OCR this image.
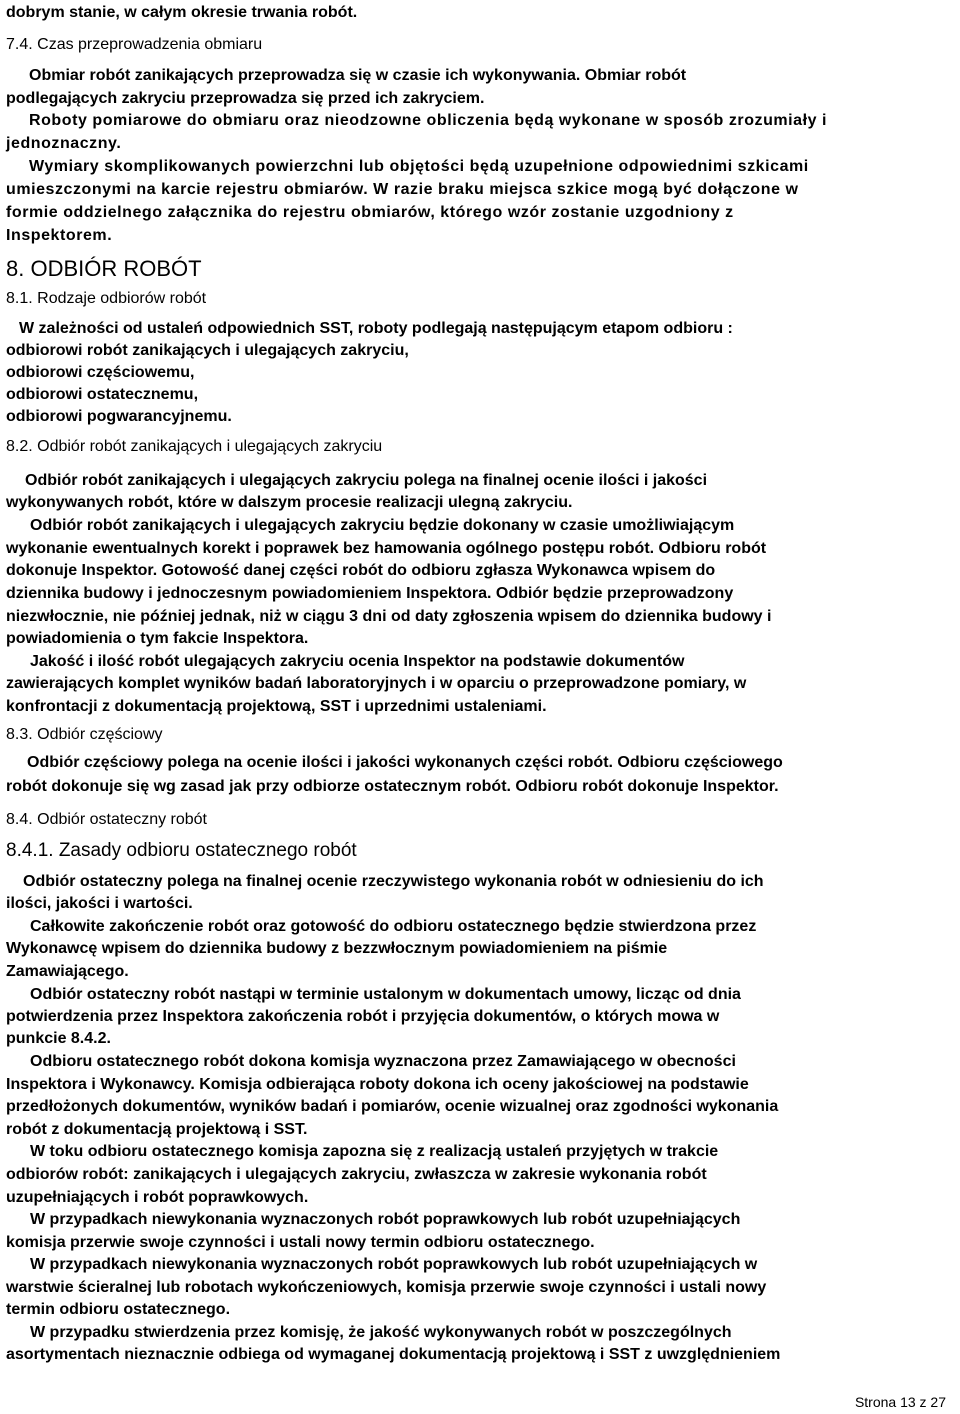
dobrym stanie, w całym okresie trwania robót.
7.4. Czas przeprowadzenia obmiaru
Obmiar robót zanikających przeprowadza się w czasie ich wykonywania. Obmiar robót
podlegających zakryciu przeprowadza się przed ich zakryciem.
Roboty pomiarowe do obmiaru oraz nieodzowne obliczenia będą wykonane w sposób zrozumiały i
jednoznaczny.
Wymiary skomplikowanych powierzchni lub objętości będą uzupełnione odpowiednimi szkicami
umieszczonymi na karcie rejestru obmiarów. W razie braku miejsca szkice mogą być dołączone w
formie oddzielnego załącznika do rejestru obmiarów, którego wzór zostanie uzgodniony z
Inspektorem.
8. ODBIÓR ROBÓT
8.1. Rodzaje odbiorów robót
W zależności od ustaleń odpowiednich SST, roboty podlegają następującym etapom odbioru :
odbiorowi robót zanikających i ulegających zakryciu,
odbiorowi częściowemu,
odbiorowi ostatecznemu,
odbiorowi pogwarancyjnemu.
8.2. Odbiór robót zanikających i ulegających zakryciu
Odbiór robót zanikających i ulegających zakryciu polega na finalnej ocenie ilości i jakości
wykonywanych robót, które w dalszym procesie realizacji ulegną zakryciu.
Odbiór robót zanikających i ulegających zakryciu będzie dokonany w czasie umożliwiającym
wykonanie ewentualnych korekt i poprawek bez hamowania ogólnego postępu robót. Odbioru robót
dokonuje Inspektor. Gotowość danej części robót do odbioru zgłasza Wykonawca wpisem do
dziennika budowy i jednoczesnym powiadomieniem Inspektora. Odbiór będzie przeprowadzony
niezwłocznie, nie później jednak, niż w ciągu 3 dni od daty zgłoszenia wpisem do dziennika budowy i
powiadomienia o tym fakcie Inspektora.
Jakość i ilość robót ulegających zakryciu ocenia Inspektor na podstawie dokumentów
zawierających komplet wyników badań laboratoryjnych i w oparciu o przeprowadzone pomiary, w
konfrontacji z dokumentacją projektową, SST i uprzednimi ustaleniami.
8.3. Odbiór częściowy
Odbiór częściowy polega na ocenie ilości i jakości wykonanych części robót. Odbioru częściowego
robót dokonuje się wg zasad jak przy odbiorze ostatecznym robót. Odbioru robót dokonuje Inspektor.
8.4. Odbiór ostateczny robót
8.4.1. Zasady odbioru ostatecznego robót
Odbiór ostateczny polega na finalnej ocenie rzeczywistego wykonania robót w odniesieniu do ich
ilości, jakości i wartości.
Całkowite zakończenie robót oraz gotowość do odbioru ostatecznego będzie stwierdzona przez
Wykonawcę wpisem do dziennika budowy z bezzwłocznym powiadomieniem na piśmie
Zamawiającego.
Odbiór ostateczny robót nastąpi w terminie ustalonym w dokumentach umowy, licząc od dnia
potwierdzenia przez Inspektora zakończenia robót i przyjęcia dokumentów, o których mowa w
punkcie 8.4.2.
Odbioru ostatecznego robót dokona komisja wyznaczona przez Zamawiającego w obecności
Inspektora i Wykonawcy. Komisja odbierająca roboty dokona ich oceny jakościowej na podstawie
przedłożonych dokumentów, wyników badań i pomiarów, ocenie wizualnej oraz zgodności wykonania
robót z dokumentacją projektową i SST.
W toku odbioru ostatecznego komisja zapozna się z realizacją ustaleń przyjętych w trakcie
odbiorów robót: zanikających i ulegających zakryciu, zwłaszcza w zakresie wykonania robót
uzupełniających i robót poprawkowych.
W przypadkach niewykonania wyznaczonych robót poprawkowych lub robót uzupełniających
komisja przerwie swoje czynności i ustali nowy termin odbioru ostatecznego.
W przypadkach niewykonania wyznaczonych robót poprawkowych lub robót uzupełniających w
warstwie ścieralnej lub robotach wykończeniowych, komisja przerwie swoje czynności i ustali nowy
termin odbioru ostatecznego.
W przypadku stwierdzenia przez komisję, że jakość wykonywanych robót w poszczególnych
asortymentach nieznacznie odbiega od wymaganej dokumentacją projektową i SST z uwzględnieniem
Strona 13 z 27
